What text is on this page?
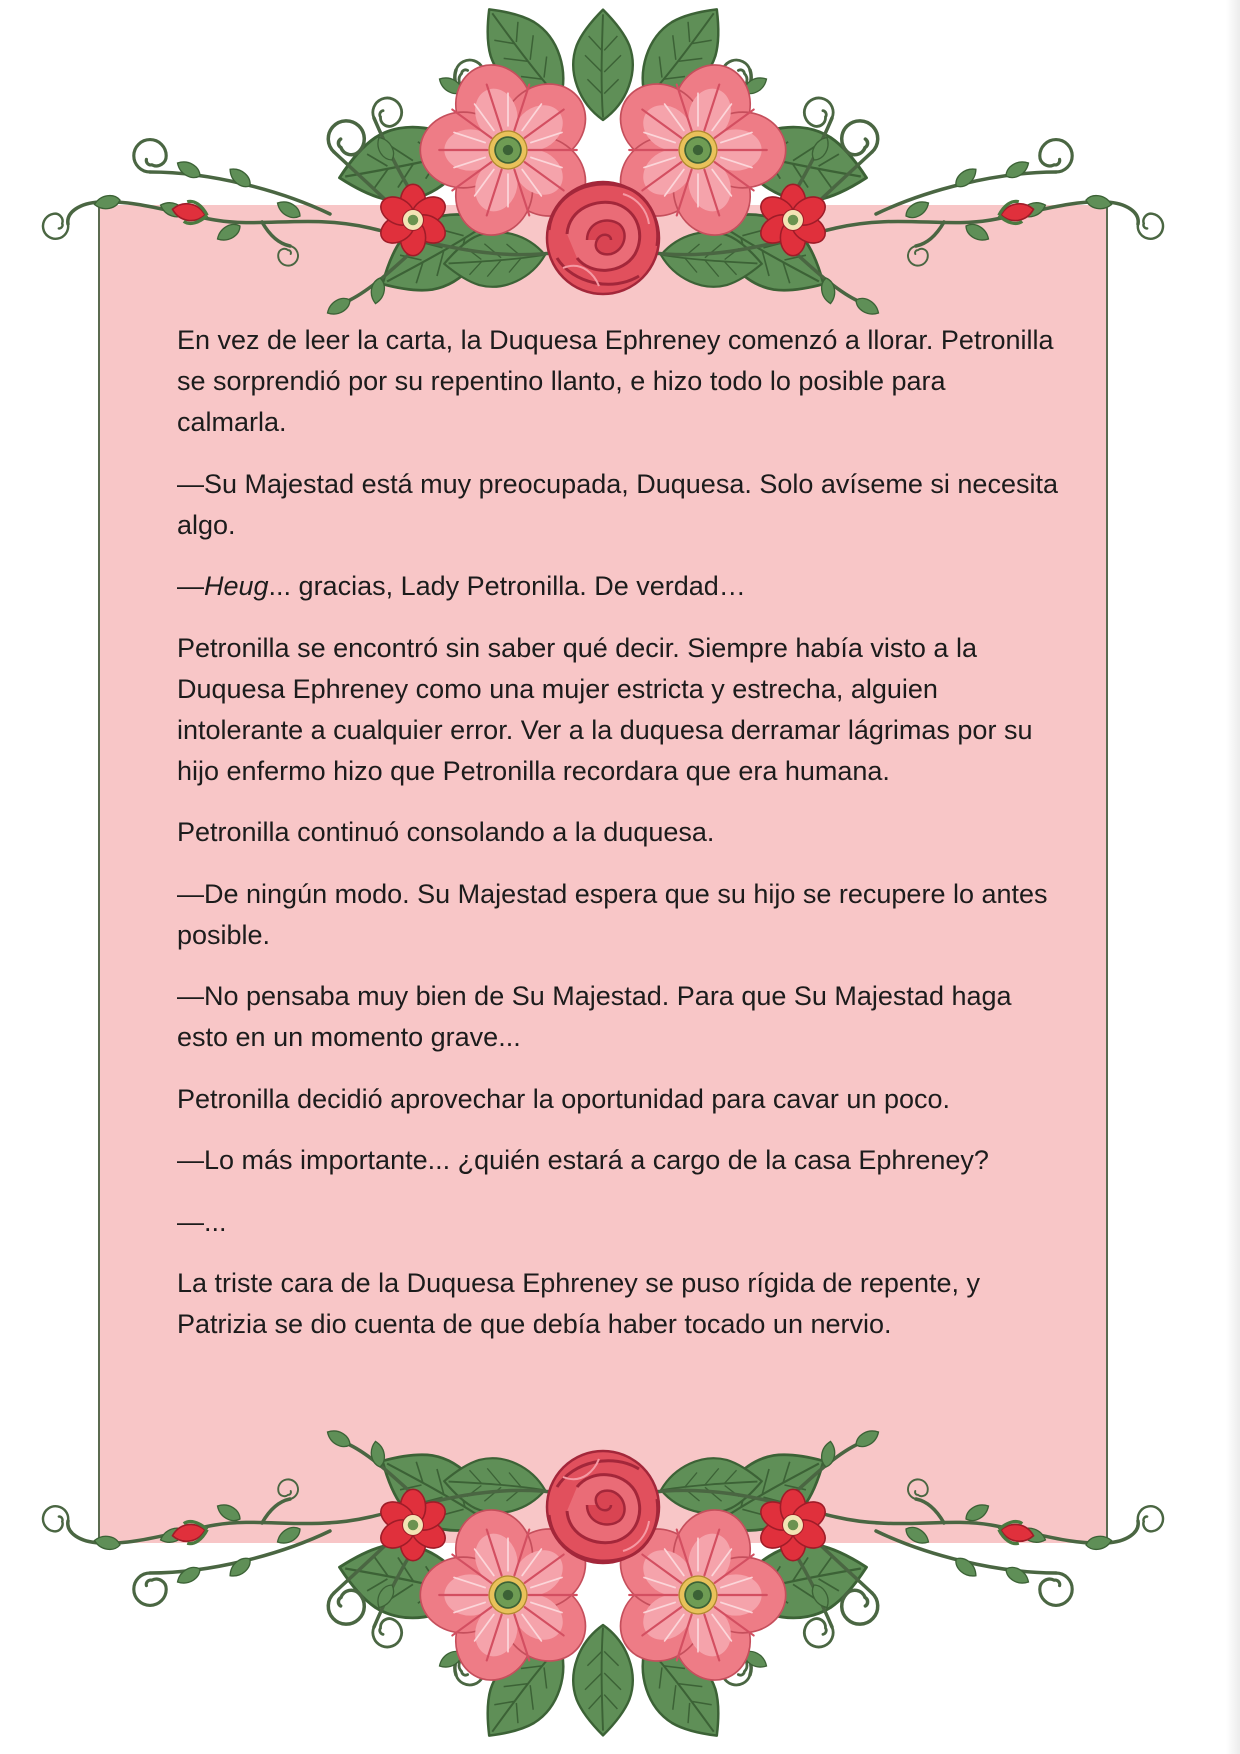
En vez de leer la carta, la Duquesa Ephreney comenzó a llorar. Petronilla
se sorprendió por su repentino llanto, e hizo todo lo posible para
calmarla.

—Su Majestad está muy preocupada, Duquesa. Solo avíseme si necesita
algo.

—Heug... gracias, Lady Petronilla. De verdad…

Petronilla se encontró sin saber qué decir. Siempre había visto a la
Duquesa Ephreney como una mujer estricta y estrecha, alguien
intolerante a cualquier error. Ver a la duquesa derramar lágrimas por su
hijo enfermo hizo que Petronilla recordara que era humana.

Petronilla continuó consolando a la duquesa.

—De ningún modo. Su Majestad espera que su hijo se recupere lo antes
posible.

—No pensaba muy bien de Su Majestad. Para que Su Majestad haga
esto en un momento grave...

Petronilla decidió aprovechar la oportunidad para cavar un poco.

—Lo más importante... ¿quién estará a cargo de la casa Ephreney?

—...

La triste cara de la Duquesa Ephreney se puso rígida de repente, y
Patrizia se dio cuenta de que debía haber tocado un nervio.
